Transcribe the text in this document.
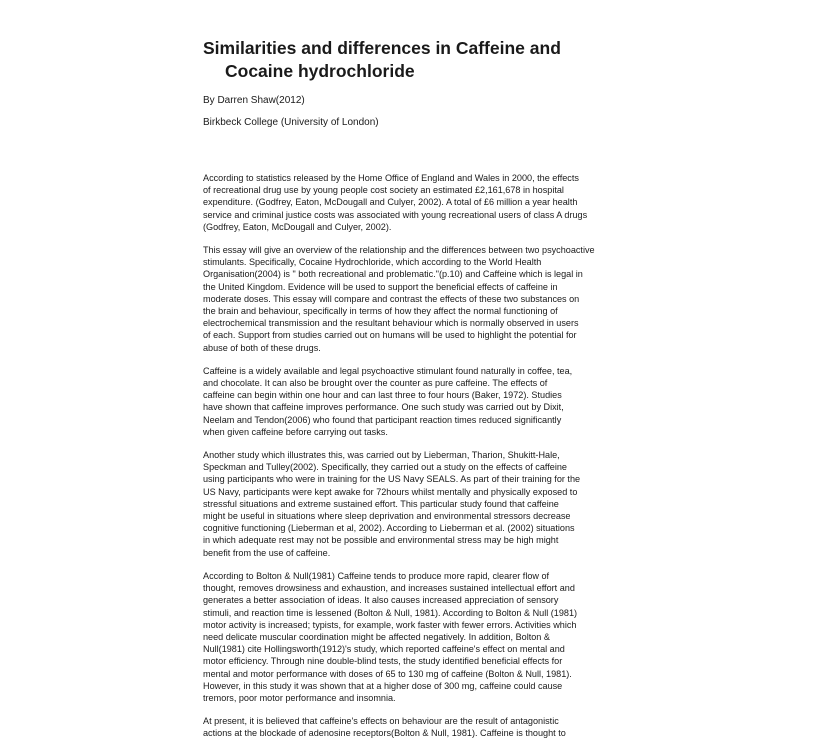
Similarities and differences in Caffeine and
Cocaine hydrochloride

By Darren Shaw(2012)

Birkbeck College (University of London)

According to statistics released by the Home Office of England and Wales in 2000, the effects
of recreational drug use by young people cost society an estimated £2,161,678 in hospital
expenditure. (Godfrey, Eaton, McDougall and Culyer, 2002). A total of £6 million a year health
service and criminal justice costs was associated with young recreational users of class A drugs
(Godfrey, Eaton, McDougall and Culyer, 2002).

This essay will give an overview of the relationship and the differences between two psychoactive
stimulants. Specifically, Cocaine Hydrochloride, which according to the World Health
Organisation(2004) is " both recreational and problematic."(p.10) and Caffeine which is legal in
the United Kingdom. Evidence will be used to support the beneficial effects of caffeine in
moderate doses. This essay will compare and contrast the effects of these two substances on
the brain and behaviour, specifically in terms of how they affect the normal functioning of
electrochemical transmission and the resultant behaviour which is normally observed in users
of each. Support from studies carried out on humans will be used to highlight the potential for
abuse of both of these drugs.

Caffeine is a widely available and legal psychoactive stimulant found naturally in coffee, tea,
and chocolate. It can also be brought over the counter as pure caffeine. The effects of
caffeine can begin within one hour and can last three to four hours (Baker, 1972). Studies
have shown that caffeine improves performance. One such study was carried out by Dixit,
Neelam and Tendon(2006) who found that participant reaction times reduced significantly
when given caffeine before carrying out tasks.

Another study which illustrates this, was carried out by Lieberman, Tharion, Shukitt-Hale,
Speckman and Tulley(2002). Specifically, they carried out a study on the effects of caffeine
using participants who were in training for the US Navy SEALS. As part of their training for the
US Navy, participants were kept awake for 72hours whilst mentally and physically exposed to
stressful situations and extreme sustained effort. This particular study found that caffeine
might be useful in situations where sleep deprivation and environmental stressors decrease
cognitive functioning (Lieberman et al, 2002). According to Lieberman et al. (2002) situations
in which adequate rest may not be possible and environmental stress may be high might
benefit from the use of caffeine.

According to Bolton & Null(1981) Caffeine tends to produce more rapid, clearer flow of
thought, removes drowsiness and exhaustion, and increases sustained intellectual effort and
generates a better association of ideas. It also causes increased appreciation of sensory
stimuli, and reaction time is lessened (Bolton & Null, 1981). According to Bolton & Null (1981)
motor activity is increased; typists, for example, work faster with fewer errors. Activities which
need delicate muscular coordination might be affected negatively. In addition, Bolton &
Null(1981) cite Hollingsworth(1912)'s study, which reported caffeine's effect on mental and
motor efficiency. Through nine double-blind tests, the study identified beneficial effects for
mental and motor performance with doses of 65 to 130 mg of caffeine (Bolton & Null, 1981).
However, in this study it was shown that at a higher dose of 300 mg, caffeine could cause
tremors, poor motor performance and insomnia.

At present, it is believed that caffeine's effects on behaviour are the result of antagonistic
actions at the blockade of adenosine receptors(Bolton & Null, 1981). Caffeine is thought to
